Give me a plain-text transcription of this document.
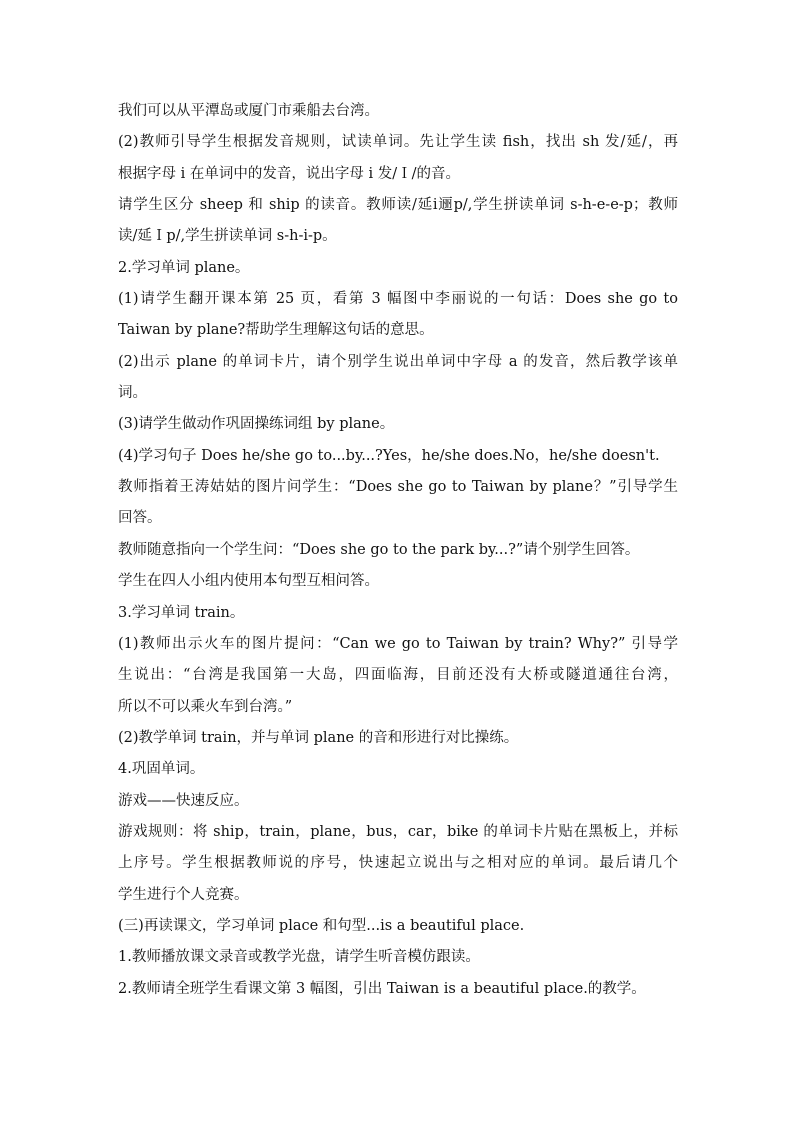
我们可以从平潭岛或厦门市乘船去台湾。
(2)教师引导学生根据发音规则，试读单词。先让学生读 fish，找出 sh 发/延/，再
根据字母 i 在单词中的发音，说出字母 i 发/Ｉ/的音。
请学生区分 sheep 和 ship 的读音。教师读/延i逦p/,学生拼读单词 s-h-e-e-p；教师
读/延Ｉp/,学生拼读单词 s-h-i-p。
2.学习单词 plane。
(1)请学生翻开课本第 25 页，看第 3 幅图中李丽说的一句话：Does she go to
Taiwan by plane?帮助学生理解这句话的意思。
(2)出示 plane 的单词卡片，请个别学生说出单词中字母 a 的发音，然后教学该单
词。
(3)请学生做动作巩固操练词组 by plane。
(4)学习句子 Does he/she go to...by...?Yes，he/she does.No，he/she doesn't.
教师指着王涛姑姑的图片问学生：“Does she go to Taiwan by plane？”引导学生
回答。
教师随意指向一个学生问：“Does she go to the park by...?”请个别学生回答。
学生在四人小组内使用本句型互相问答。
3.学习单词 train。
(1)教师出示火车的图片提问：“Can we go to Taiwan by train? Why?” 引导学
生说出：“台湾是我国第一大岛，四面临海，目前还没有大桥或隧道通往台湾，
所以不可以乘火车到台湾。”
(2)教学单词 train，并与单词 plane 的音和形进行对比操练。
4.巩固单词。
游戏——快速反应。
游戏规则：将 ship，train，plane，bus，car，bike 的单词卡片贴在黑板上，并标
上序号。学生根据教师说的序号，快速起立说出与之相对应的单词。最后请几个
学生进行个人竞赛。
(三)再读课文，学习单词 place 和句型...is a beautiful place.
1.教师播放课文录音或教学光盘，请学生听音模仿跟读。
2.教师请全班学生看课文第 3 幅图，引出 Taiwan is a beautiful place.的教学。
